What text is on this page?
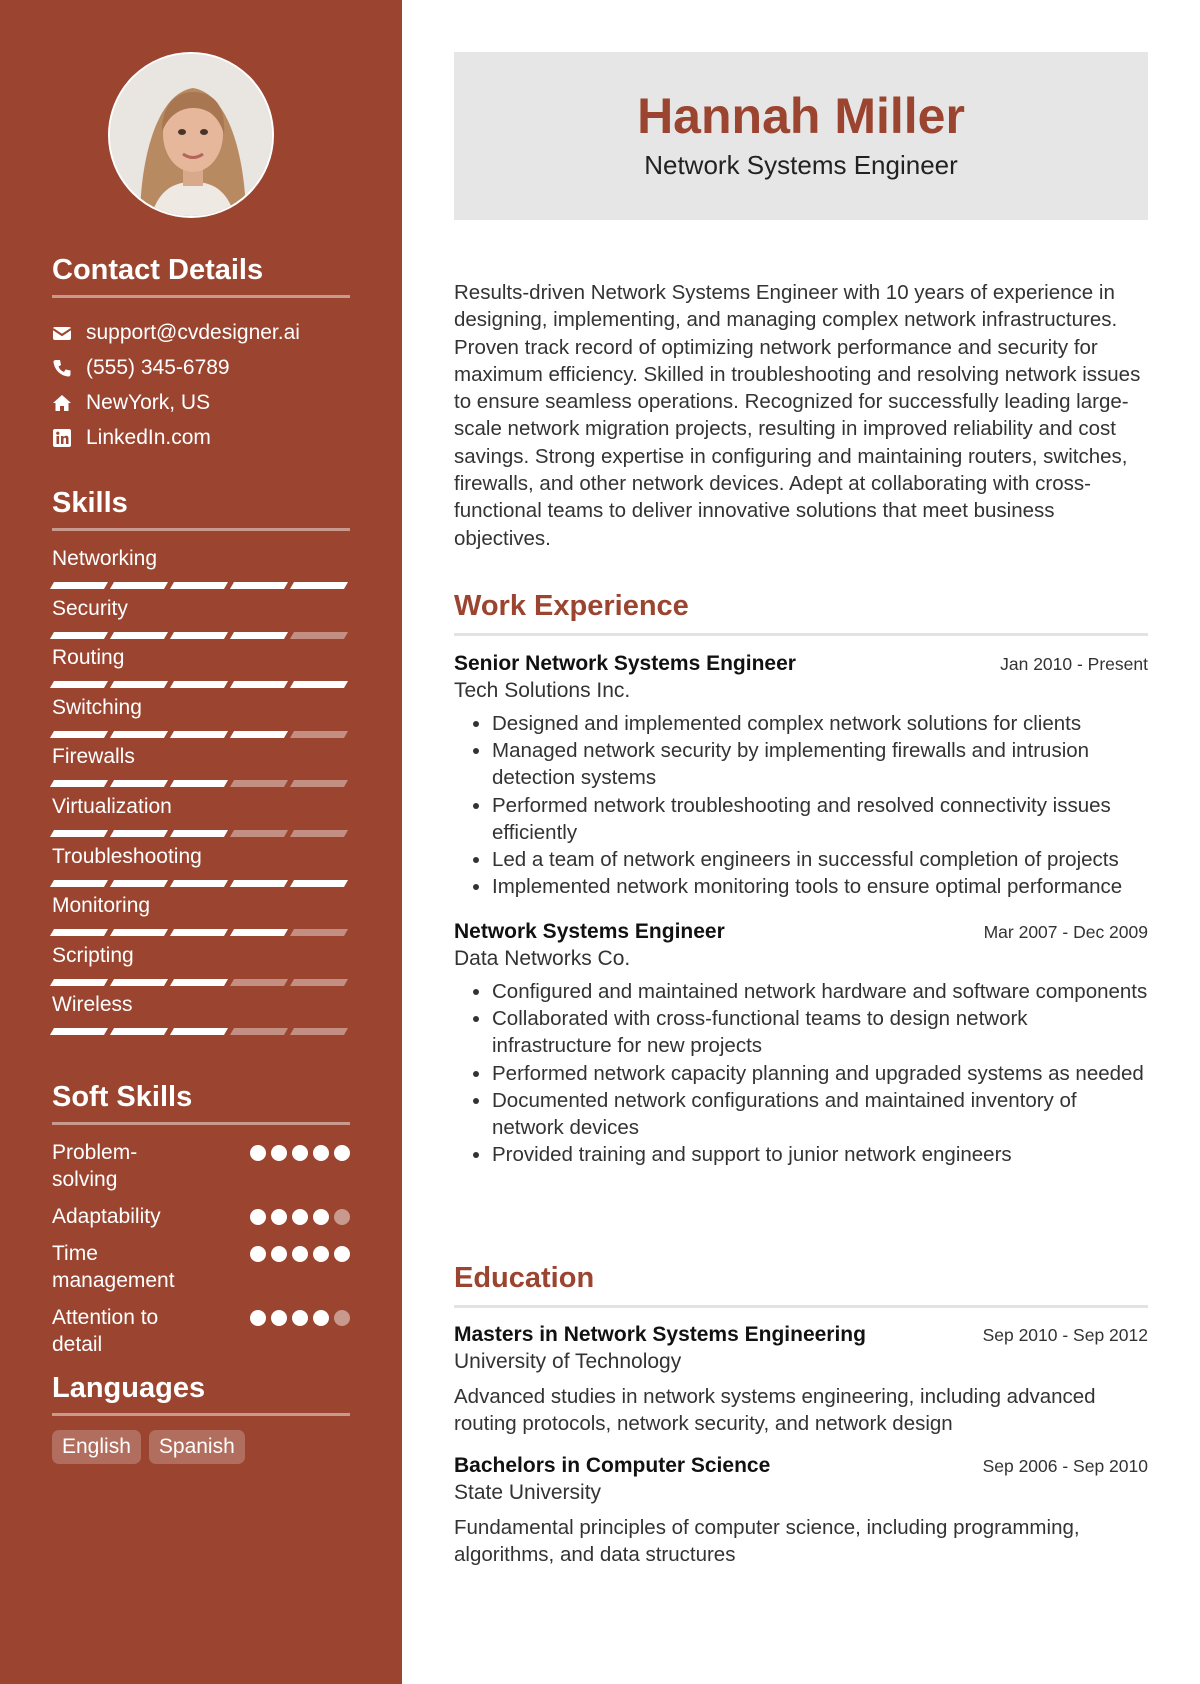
Contact Details
support@cvdesigner.ai
(555) 345-6789
NewYork, US
LinkedIn.com
Skills
Networking
Security
Routing
Switching
Firewalls
Virtualization
Troubleshooting
Monitoring
Scripting
Wireless
Soft Skills
Problem-solving
Adaptability
Time management
Attention to detail
Languages
English	Spanish
Hannah Miller
Network Systems Engineer

Results-driven Network Systems Engineer with 10 years of experience in designing, implementing, and managing complex network infrastructures. Proven track record of optimizing network performance and security for maximum efficiency. Skilled in troubleshooting and resolving network issues to ensure seamless operations. Recognized for successfully leading large-scale network migration projects, resulting in improved reliability and cost savings. Strong expertise in configuring and maintaining routers, switches, firewalls, and other network devices. Adept at collaborating with cross-functional teams to deliver innovative solutions that meet business objectives.

Work Experience
Senior Network Systems Engineer	Jan 2010 - Present
Tech Solutions Inc.
• Designed and implemented complex network solutions for clients
• Managed network security by implementing firewalls and intrusion detection systems
• Performed network troubleshooting and resolved connectivity issues efficiently
• Led a team of network engineers in successful completion of projects
• Implemented network monitoring tools to ensure optimal performance
Network Systems Engineer	Mar 2007 - Dec 2009
Data Networks Co.
• Configured and maintained network hardware and software components
• Collaborated with cross-functional teams to design network infrastructure for new projects
• Performed network capacity planning and upgraded systems as needed
• Documented network configurations and maintained inventory of network devices
• Provided training and support to junior network engineers
Education
Masters in Network Systems Engineering	Sep 2010 - Sep 2012
University of Technology
Advanced studies in network systems engineering, including advanced routing protocols, network security, and network design
Bachelors in Computer Science	Sep 2006 - Sep 2010
State University
Fundamental principles of computer science, including programming, algorithms, and data structures
